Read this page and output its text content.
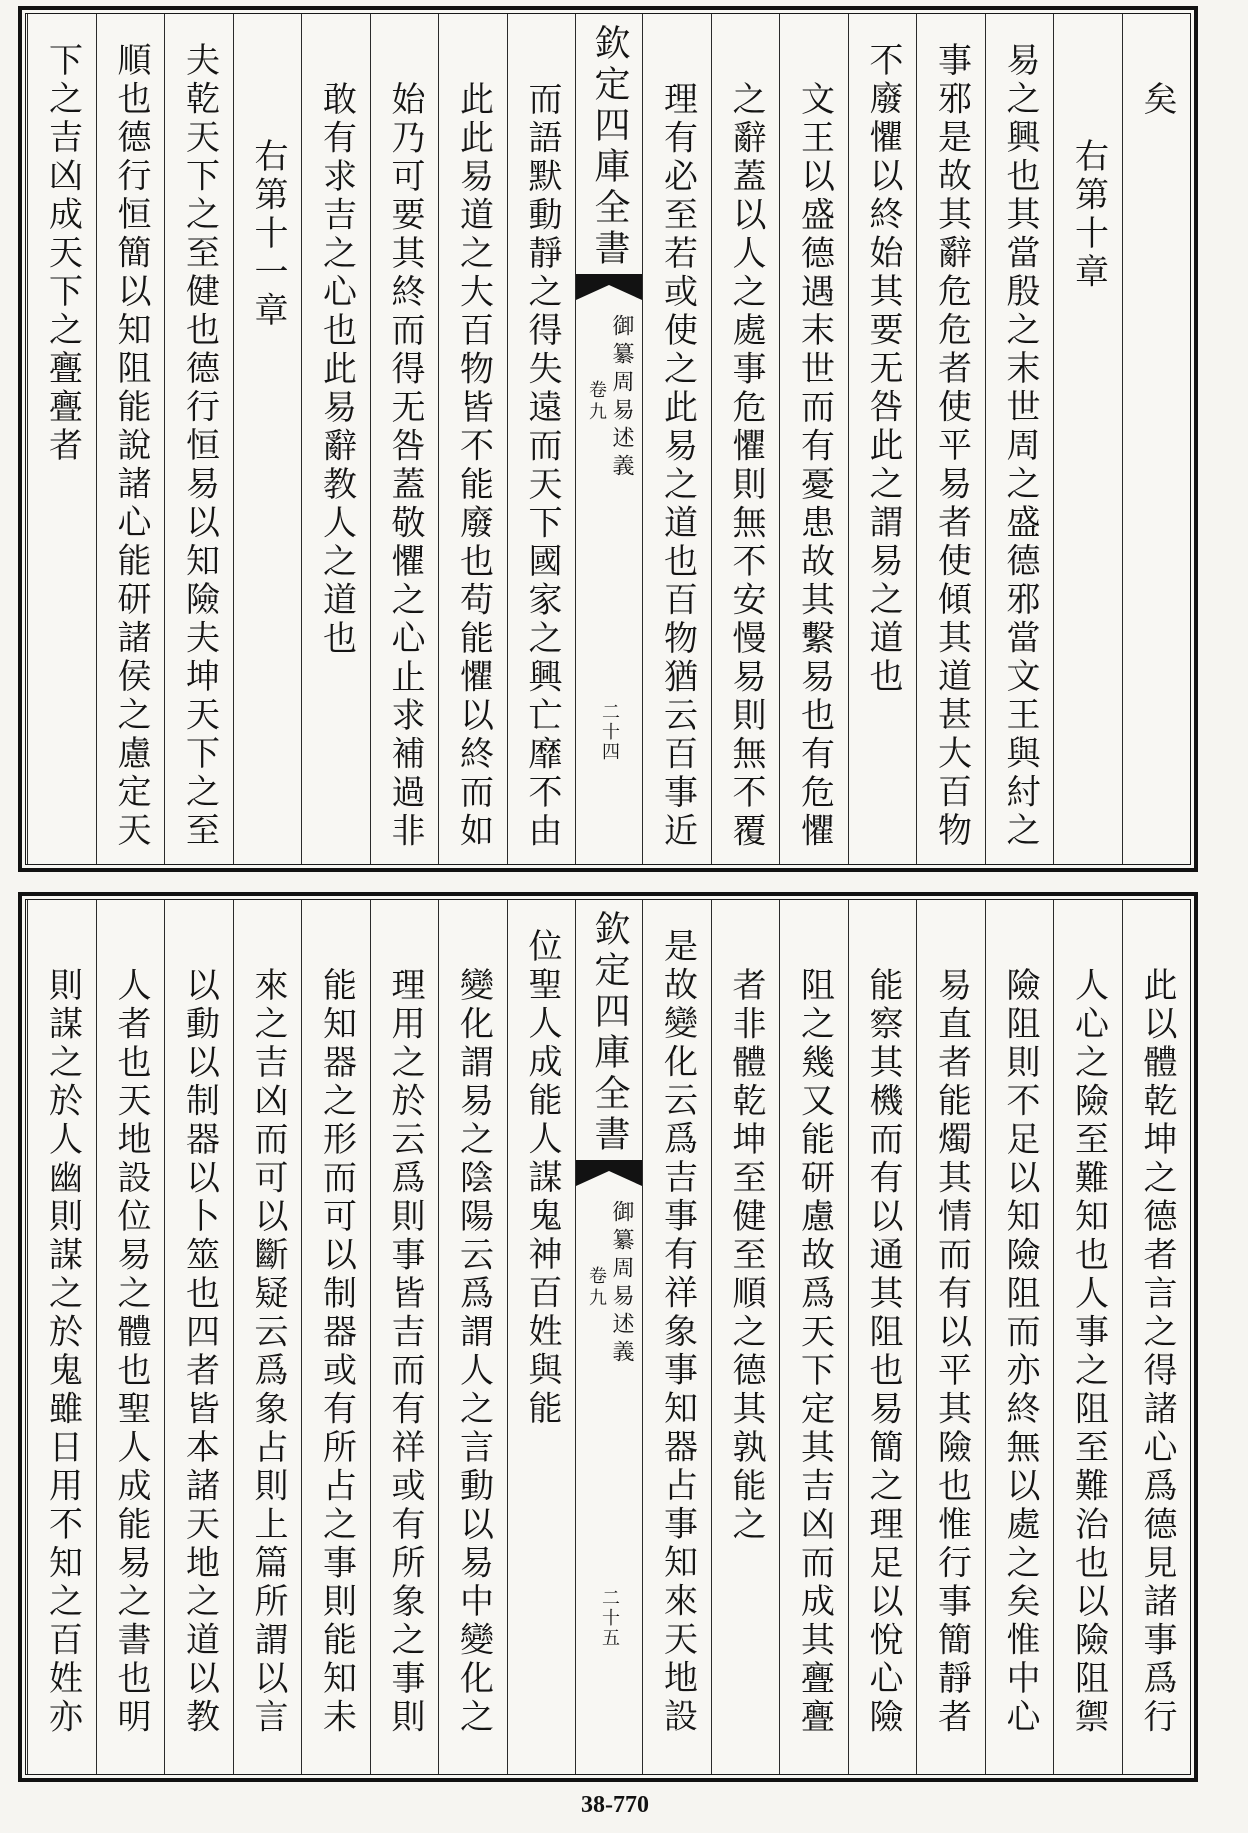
矣
右第十章
易之興也其當殷之末世周之盛德邪當文王與紂之
事邪是故其辭危危者使平易者使傾其道甚大百物
不廢懼以終始其要无咎此之謂易之道也
文王以盛德遇末世而有憂患故其繫易也有危懼
之辭蓋以人之處事危懼則無不安慢易則無不覆
理有必至若或使之此易之道也百物猶云百事近
欽定四庫全書
御纂周易述義
卷九
二十四
而語默動靜之得失遠而天下國家之興亡靡不由
此此易道之大百物皆不能廢也苟能懼以終而如
始乃可要其終而得无咎蓋敬懼之心止求補過非
敢有求吉之心也此易辭教人之道也
右第十一章
夫乾天下之至健也德行恒易以知險夫坤天下之至
順也德行恒簡以知阻能說諸心能研諸侯之慮定天
下之吉凶成天下之亹亹者
此以體乾坤之德者言之得諸心爲德見諸事爲行
人心之險至難知也人事之阻至難治也以險阻禦
險阻則不足以知險阻而亦終無以處之矣惟中心
易直者能燭其情而有以平其險也惟行事簡靜者
能察其機而有以通其阻也易簡之理足以悅心險
阻之幾又能研慮故爲天下定其吉凶而成其亹亹
者非體乾坤至健至順之德其孰能之
是故變化云爲吉事有祥象事知器占事知來天地設
欽定四庫全書
御纂周易述義
卷九
二十五
位聖人成能人謀鬼神百姓與能
變化謂易之陰陽云爲謂人之言動以易中變化之
理用之於云爲則事皆吉而有祥或有所象之事則
能知器之形而可以制器或有所占之事則能知未
來之吉凶而可以斷疑云爲象占則上篇所謂以言
以動以制器以卜筮也四者皆本諸天地之道以教
人者也天地設位易之體也聖人成能易之書也明
則謀之於人幽則謀之於鬼雖日用不知之百姓亦
38-770
